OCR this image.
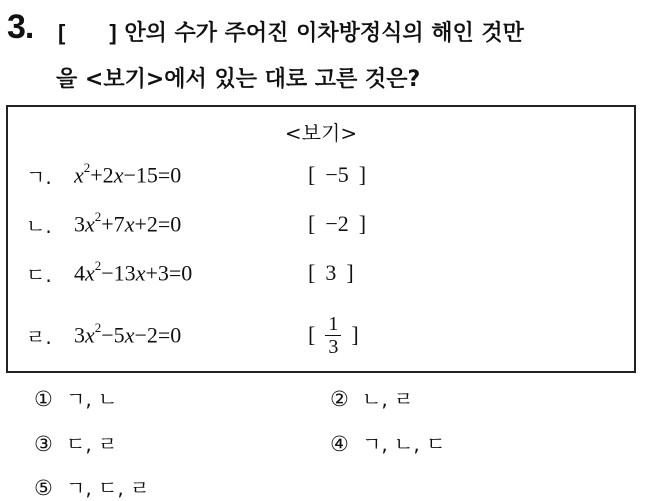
3. [ ] 안의 수가 주어진 이차방정식의 해인 것만
을 <보기>에서 있는 대로 고른 것은?
<보기>
ㄱ.	$x^2+2x-15=0$	[ −5 ]
ㄴ.	$3x^2+7x+2=0$	[ −2 ]
ㄷ.	$4x^2-13x+3=0$	[ 3 ]
ㄹ.	$3x^2-5x-2=0$	[ $\frac{1}{3}$ ]
① ㄱ, ㄴ	② ㄴ, ㄹ
③ ㄷ, ㄹ	④ ㄱ, ㄴ, ㄷ
⑤ ㄱ, ㄷ, ㄹ
